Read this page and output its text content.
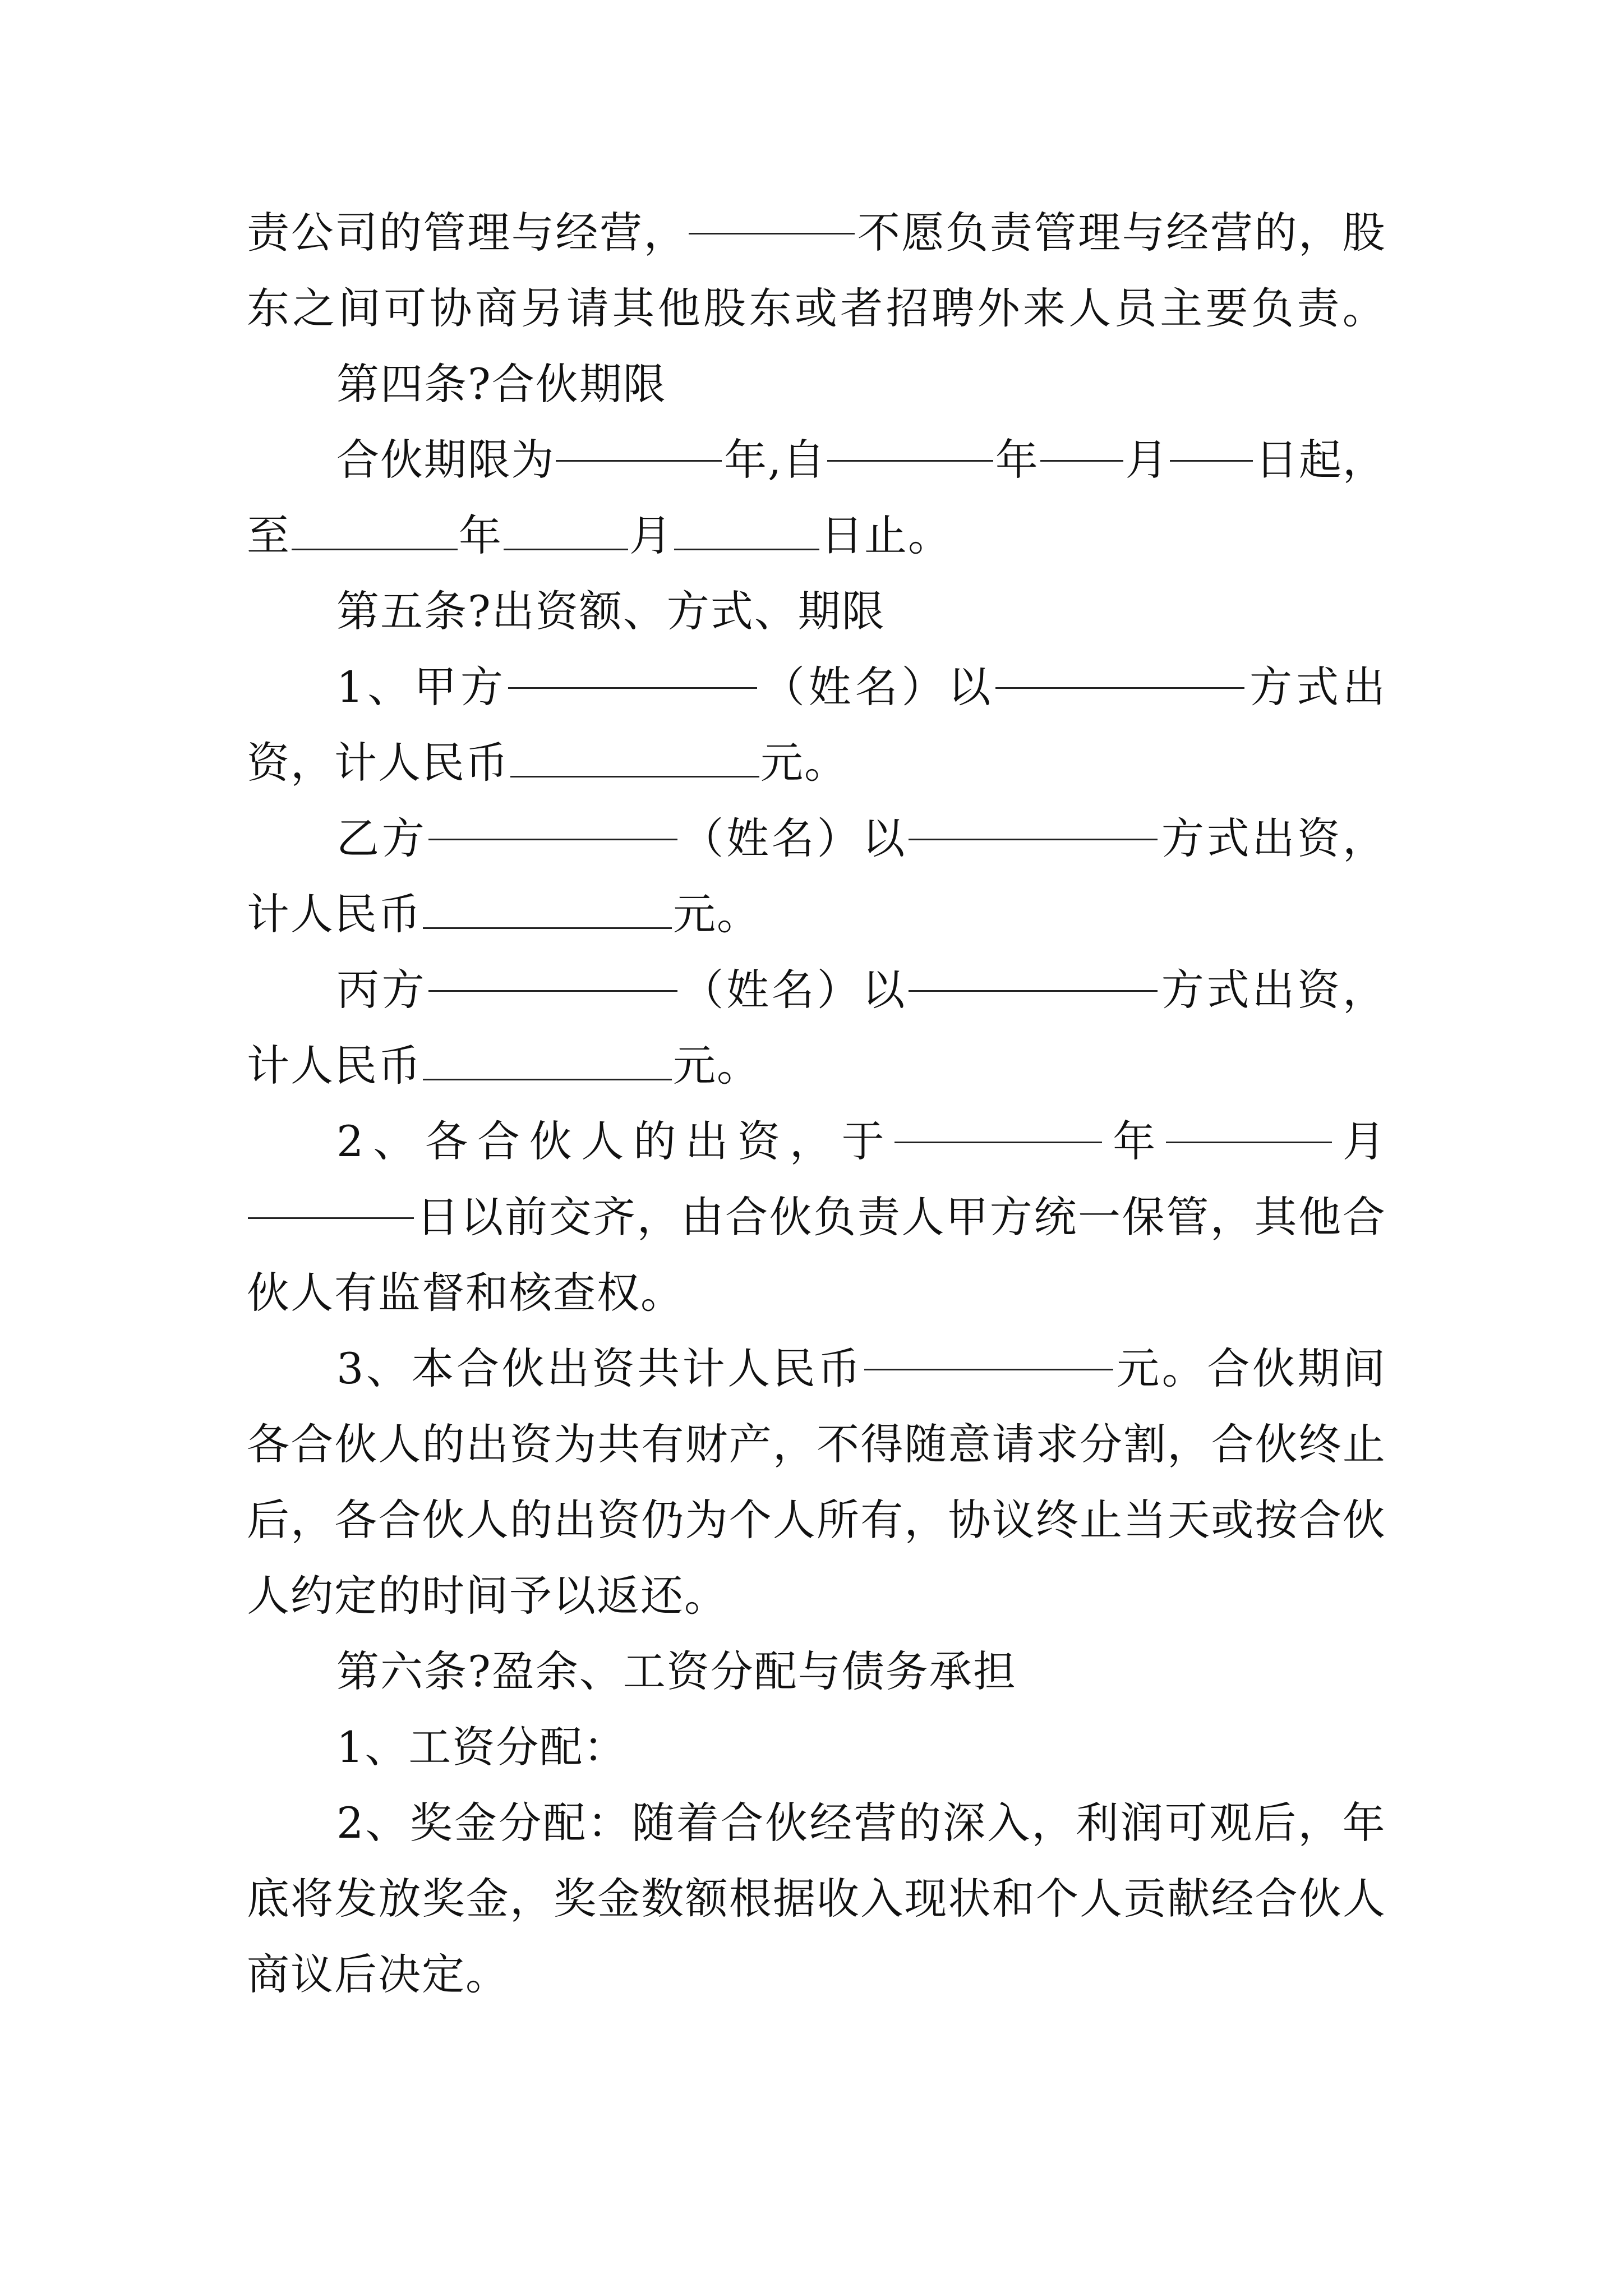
责 公 司 的 管 理 与 经 营 ，	不 愿 负 责 管 理 与 经 营 的 ， 股
东 之 间 可 协 商 另 请 其 他 股 东 或 者 招 聘 外 来 人 员 主 要 负 责 。
第四条?合伙期限
合 伙 期 限 为	年 , 自	年 月 日 起 ，
至	年	月	日止。
第五条?出资额、方式、期限
1 、 甲 方	（ 姓 名 ） 以	方 式 出
资，计人民币	元。
乙 方	（ 姓 名 ） 以	方 式 出 资 ，
计人民币	元。
丙 方	（ 姓 名 ） 以	方 式 出 资 ，
计人民币	元。
2 、 各 合 伙 人 的 出 资 ， 于	年	月
日 以 前 交 齐 ， 由 合 伙 负 责 人 甲 方 统 一 保 管 ， 其 他 合
伙人有监督和核查权。
3 、 本 合 伙 出 资 共 计 人 民 币	元 。 合 伙 期 间
各 合 伙 人 的 出 资 为 共 有 财 产 ， 不 得 随 意 请 求 分 割 ， 合 伙 终 止
后 ， 各 合 伙 人 的 出 资 仍 为 个 人 所 有 ， 协 议 终 止 当 天 或 按 合 伙
人约定的时间予以返还。
第六条?盈余、工资分配与债务承担
1、工资分配：
2 、 奖 金 分 配 ： 随 着 合 伙 经 营 的 深 入 ， 利 润 可 观 后 ， 年
底 将 发 放 奖 金 ， 奖 金 数 额 根 据 收 入 现 状 和 个 人 贡 献 经 合 伙 人
商议后决定。
